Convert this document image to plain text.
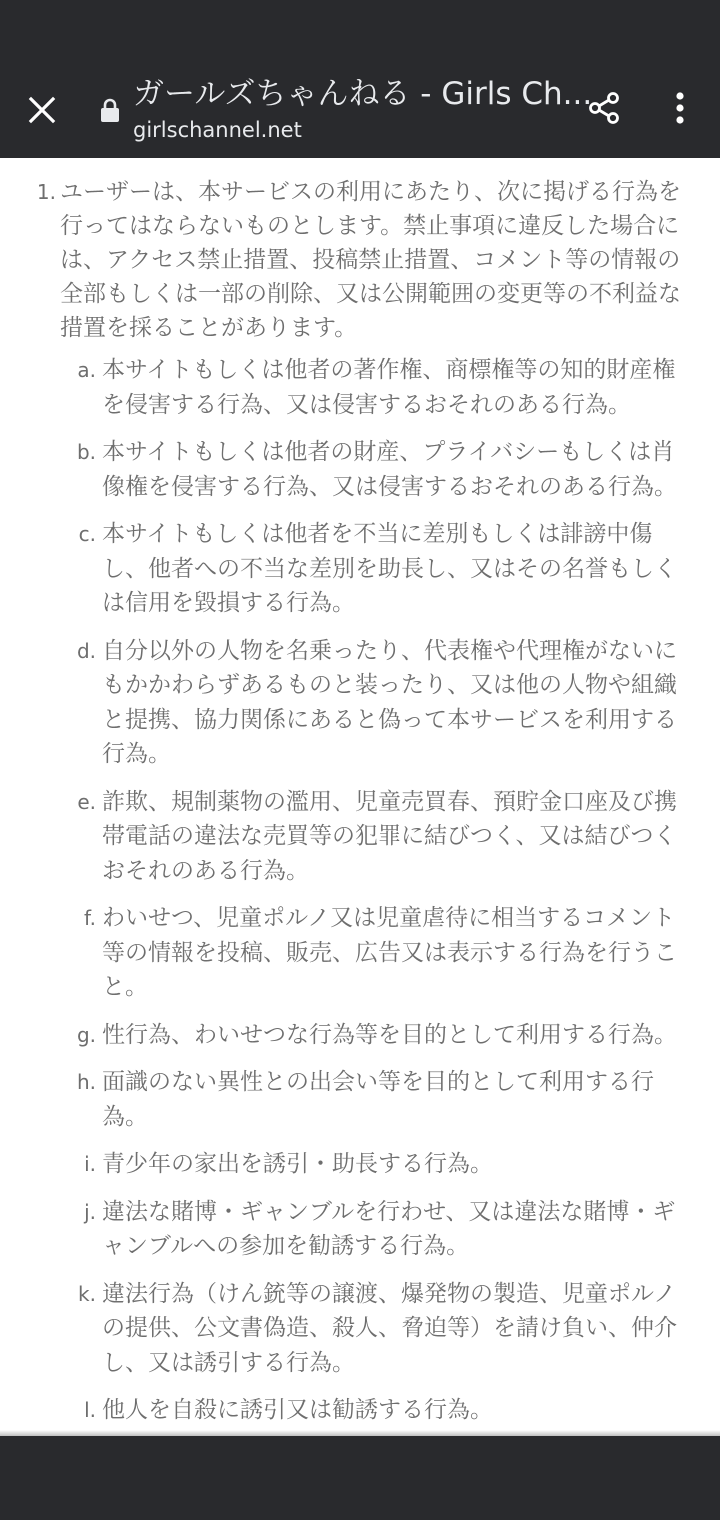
ガールズちゃんねる - Girls Ch...
girlschannel.net
1. ユーザーは、本サービスの利用にあたり、次に掲げる行為を行ってはならないものとします。禁止事項に違反した場合には、アクセス禁止措置、投稿禁止措置、コメント等の情報の全部もしくは一部の削除、又は公開範囲の変更等の不利益な措置を採ることがあります。
a. 本サイトもしくは他者の著作権、商標権等の知的財産権を侵害する行為、又は侵害するおそれのある行為。
b. 本サイトもしくは他者の財産、プライバシーもしくは肖像権を侵害する行為、又は侵害するおそれのある行為。
c. 本サイトもしくは他者を不当に差別もしくは誹謗中傷し、他者への不当な差別を助長し、又はその名誉もしくは信用を毀損する行為。
d. 自分以外の人物を名乗ったり、代表権や代理権がないにもかかわらずあるものと装ったり、又は他の人物や組織と提携、協力関係にあると偽って本サービスを利用する行為。
e. 詐欺、規制薬物の濫用、児童売買春、預貯金口座及び携帯電話の違法な売買等の犯罪に結びつく、又は結びつくおそれのある行為。
f. わいせつ、児童ポルノ又は児童虐待に相当するコメント等の情報を投稿、販売、広告又は表示する行為を行うこと。
g. 性行為、わいせつな行為等を目的として利用する行為。
h. 面識のない異性との出会い等を目的として利用する行為。
i. 青少年の家出を誘引・助長する行為。
j. 違法な賭博・ギャンブルを行わせ、又は違法な賭博・ギャンブルへの参加を勧誘する行為。
k. 違法行為（けん銃等の譲渡、爆発物の製造、児童ポルノの提供、公文書偽造、殺人、脅迫等）を請け負い、仲介し、又は誘引する行為。
l. 他人を自殺に誘引又は勧誘する行為。
